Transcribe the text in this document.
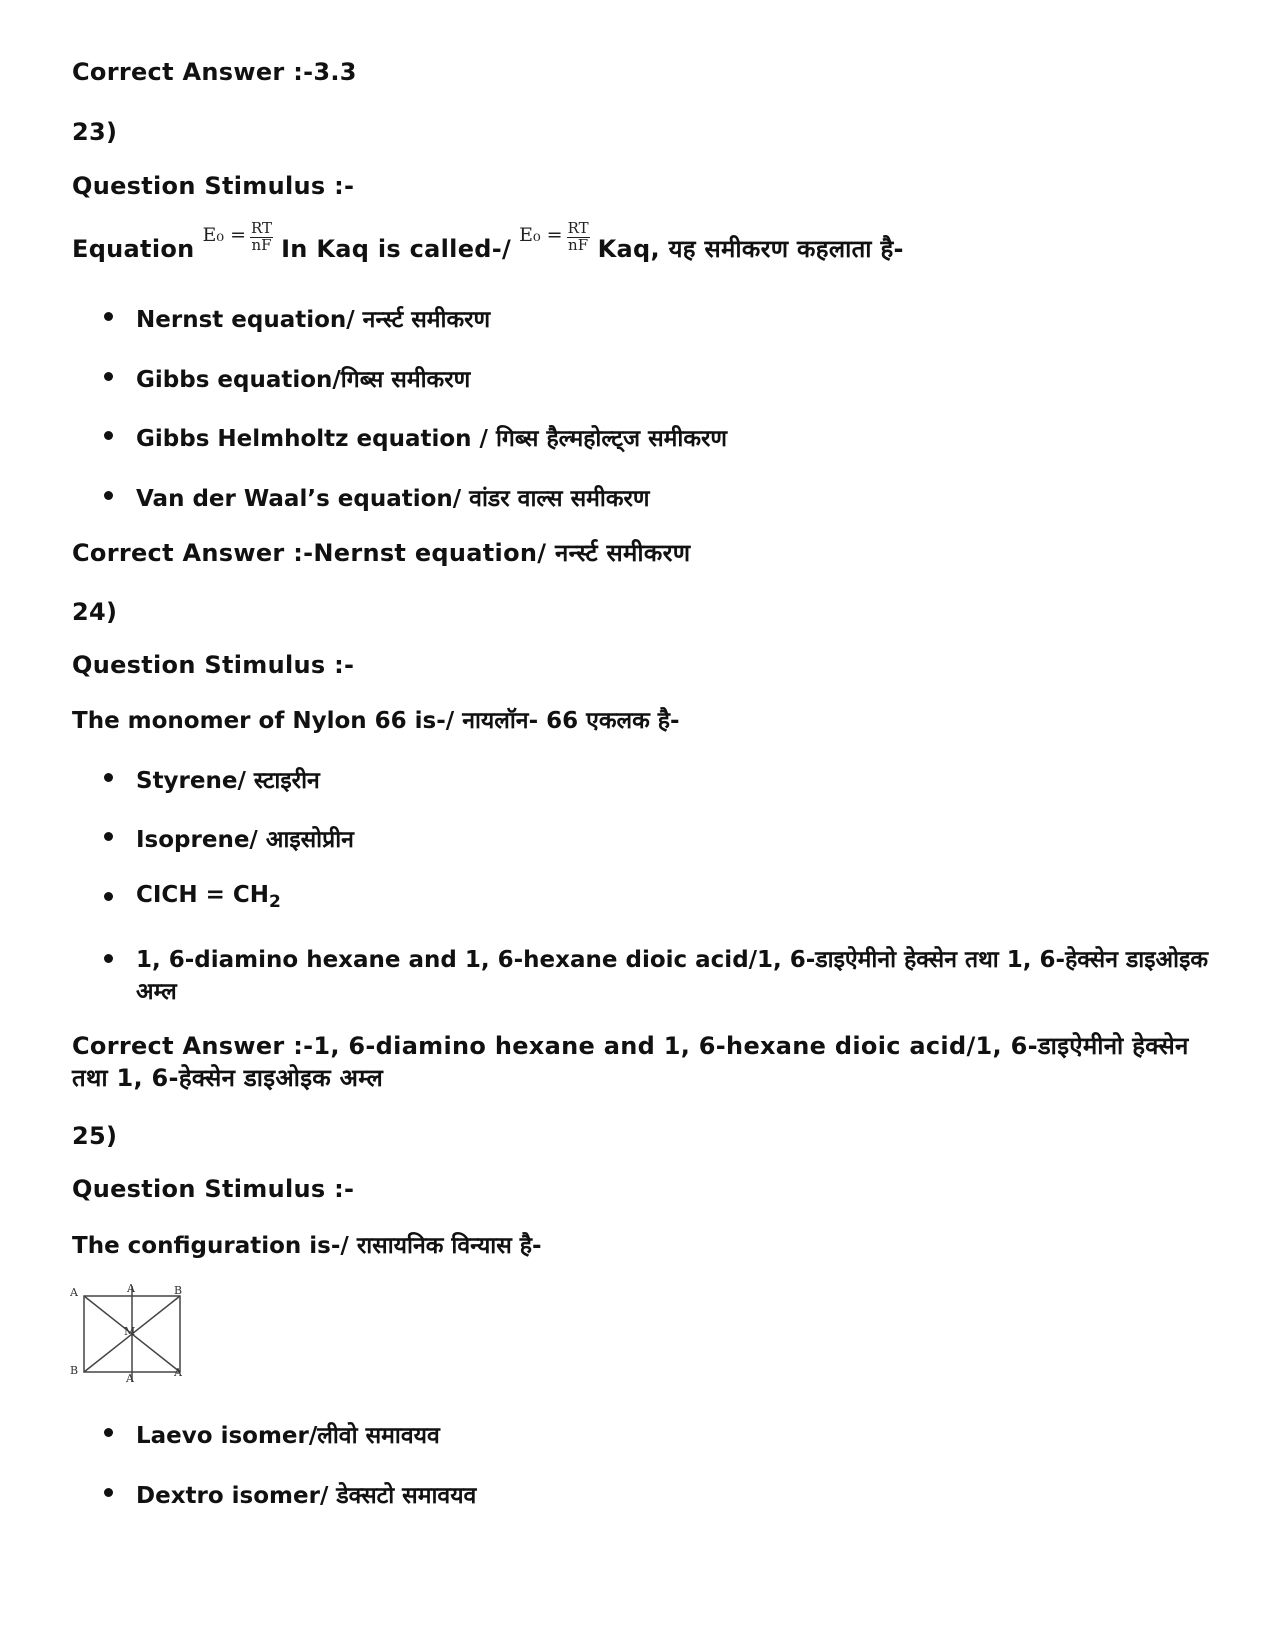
Correct Answer :-3.3
23)
Question Stimulus :-
Equation $E_0 = \frac{RT}{nF}$ In Kaq is called-/ $E_0 = \frac{RT}{nF}$ Kaq, यह समीकरण कहलाता है-
Nernst equation/ नर्न्स्ट समीकरण
Gibbs equation/गिब्स समीकरण
Gibbs Helmholtz equation / गिब्स हैल्महोल्ट्ज समीकरण
Van der Waal’s equation/ वांडर वाल्स समीकरण
Correct Answer :-Nernst equation/ नर्न्स्ट समीकरण
24)
Question Stimulus :-
The monomer of Nylon 66 is-/ नायलॉन- 66 एकलक है-
Styrene/ स्टाइरीन
Isoprene/ आइसोप्रीन
CICH = $CH_2$
1, 6-diamino hexane and 1, 6-hexane dioic acid/1, 6-डाइऐमीनो हेक्सेन तथा 1, 6-हेक्सेन डाइओइक अम्ल
Correct Answer :-1, 6-diamino hexane and 1, 6-hexane dioic acid/1, 6-डाइऐमीनो हेक्सेन तथा 1, 6-हेक्सेन डाइओइक अम्ल
25)
Question Stimulus :-
The configuration is-/ रासायनिक विन्यास है-
A
A	B
M
B
A	A
Laevo isomer/लीवो समावयव
Dextro isomer/ डेक्सटो समावयव
